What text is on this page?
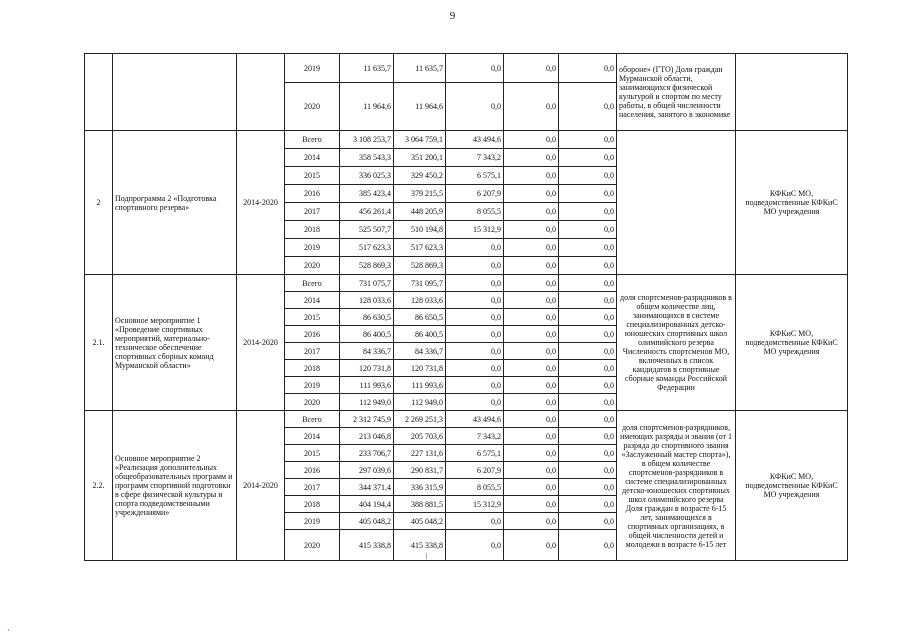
9
			2019	11 635,7	11 635,7	0,0	0,0	0,0	обороне» (ГТО) Доля граждан Мурманской области, занимающихся физической культурой и спортом по месту работы, в общей численности населения, занятого в экономике	
			2020	11 964,6	11 964,6	0,0	0,0	0,0		
2	Подпрограмма 2 «Подготовка спортивного резерва»	2014-2020	Всего	3 108 253,7	3 064 759,1	43 494,6	0,0	0,0		КФКиС МО, подведомственные КФКиС МО учреждения
			2014	358 543,3	351 200,1	7 343,2	0,0	0,0		
			2015	336 025,3	329 450,2	6 575,1	0,0	0,0		
			2016	385 423,4	379 215,5	6 207,9	0,0	0,0		
			2017	456 261,4	448 205,9	8 055,5	0,0	0,0		
			2018	525 507,7	510 194,8	15 312,9	0,0	0,0		
			2019	517 623,3	517 623,3	0,0	0,0	0,0		
			2020	528 869,3	528 869,3	0,0	0,0	0,0		
2.1.	Основное мероприятие 1 «Проведение спортивных мероприятий, материально-техническое обеспечение спортивных сборных команд Мурманской области»	2014-2020	Всего	731 075,7	731 095,7	0,0	0,0	0,0	доля спортсменов-разрядников в общем количестве лиц, занимающихся в системе специализированных детско-юношеских спортивных школ олимпийского резерва Численность спортсменов МО, включенных в список кандидатов в спортивные сборные команды Российской Федерации	КФКиС МО, подведомственные КФКиС МО учреждения
			2014	128 033,6	128 033,6	0,0	0,0	0,0		
			2015	86 630,5	86 650,5	0,0	0,0	0,0		
			2016	86 400,5	86 400,5	0,0	0,0	0,0		
			2017	84 336,7	84 336,7	0,0	0,0	0,0		
			2018	120 731,8	120 731,8	0,0	0,0	0,0		
			2019	111 993,6	111 993,6	0,0	0,0	0,0		
			2020	112 949,0	112 949,0	0,0	0,0	0,0		
2.2.	Основное мероприятие 2 «Реализация дополнительных общеобразовательных программ и программ спортивной подготовки в сфере физической культуры и спорта подведомственными учреждениями»	2014-2020	Всего	2 312 745,9	2 269 251,3	43 494,6	0,0	0,0	доля спортсменов-разрядников, имеющих разряды и звания (от 1 разряда до спортивного звания «Заслуженный мастер спорта»), в общем количестве спортсменов-разрядников в системе специализированных детско-юношеских спортивных школ олимпийского резерва Доля граждан в возрасте 6-15 лет, занимающихся в спортивных организациях, в общей численности детей и молодежи в возрасте 6-15 лет	КФКиС МО, подведомственные КФКиС МО учреждения
			2014	213 046,8	205 703,6	7 343,2	0,0	0,0		
			2015	233 706,7	227 131,6	6 575,1	0,0	0,0		
			2016	297 039,6	290 831,7	6 207,9	0,0	0,0		
			2017	344 371,4	336 315,9	8 055,5	0,0	0,0		
			2018	404 194,4	388 881,5	15 312,9	0,0	0,0		
			2019	405 048,2	405 048,2	0,0	0,0	0,0		
			2020	415 338,8	415 338,8	0,0	0,0	0,0		
|
·
